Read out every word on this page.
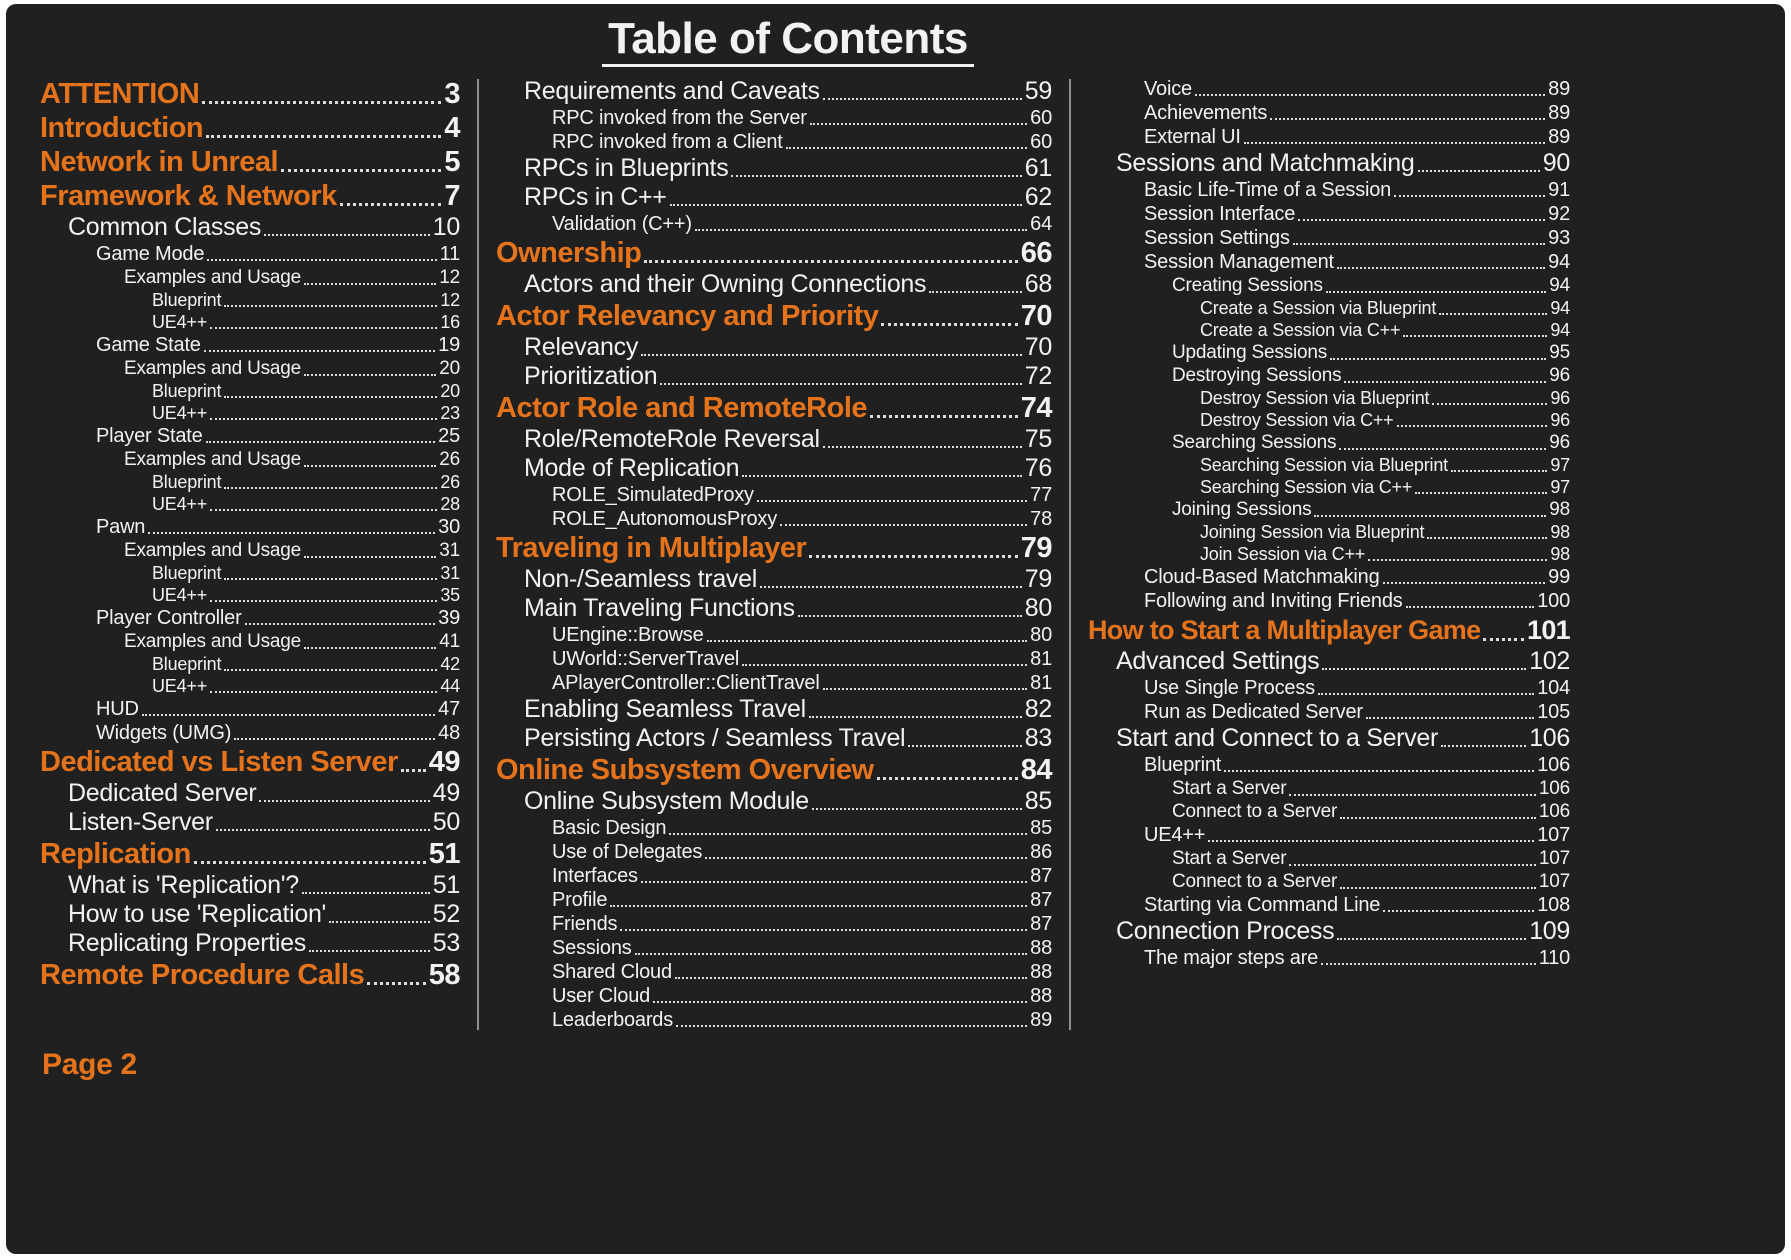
Table of Contents
ATTENTION	3
Introduction	4
Network in Unreal	5
Framework & Network	7
Common Classes	10
Game Mode	11
Examples and Usage	12
Blueprint	12
UE4++	16
Game State	19
Examples and Usage	20
Blueprint	20
UE4++	23
Player State	25
Examples and Usage	26
Blueprint	26
UE4++	28
Pawn	30
Examples and Usage	31
Blueprint	31
UE4++	35
Player Controller	39
Examples and Usage	41
Blueprint	42
UE4++	44
HUD	47
Widgets (UMG)	48
Dedicated vs Listen Server 49
Dedicated Server	49
Listen-Server	50
Replication	51
What is 'Replication'?	51
How to use 'Replication'	52
Replicating Properties	53
Remote Procedure Calls 58
Requirements and Caveats	59
RPC invoked from the Server	60
RPC invoked from a Client	60
RPCs in Blueprints	61
RPCs in C++	62
Validation (C++)	64
Ownership	66
Actors and their Owning Connections	68
Actor Relevancy and Priority	70
Relevancy	70
Prioritization	72
Actor Role and RemoteRole	74
Role/RemoteRole Reversal	75
Mode of Replication	76
ROLE_SimulatedProxy	77
ROLE_AutonomousProxy	78
Traveling in Multiplayer	79
Non-/Seamless travel	79
Main Traveling Functions	80
UEngine::Browse	80
UWorld::ServerTravel	81
APlayerController::ClientTravel	81
Enabling Seamless Travel	82
Persisting Actors / Seamless Travel	83
Online Subsystem Overview	84
Online Subsystem Module	85
Basic Design	85
Use of Delegates	86
Interfaces	87
Profile	87
Friends	87
Sessions	88
Shared Cloud	88
User Cloud	88
Leaderboards	89
Voice	89
Achievements	89
External UI	89
Sessions and Matchmaking	90
Basic Life-Time of a Session	91
Session Interface	92
Session Settings	93
Session Management	94
Creating Sessions	94
Create a Session via Blueprint	94
Create a Session via C++	94
Updating Sessions	95
Destroying Sessions	96
Destroy Session via Blueprint	96
Destroy Session via C++	96
Searching Sessions	96
Searching Session via Blueprint	97
Searching Session via C++	97
Joining Sessions	98
Joining Session via Blueprint	98
Join Session via C++	98
Cloud-Based Matchmaking	99
Following and Inviting Friends	100
How to Start a Multiplayer Game 101
Advanced Settings	102
Use Single Process	104
Run as Dedicated Server	105
Start and Connect to a Server	106
Blueprint	106
Start a Server	106
Connect to a Server	106
UE4++	107
Start a Server	107
Connect to a Server	107
Starting via Command Line	108
Connection Process	109
The major steps are	110
Page 2
